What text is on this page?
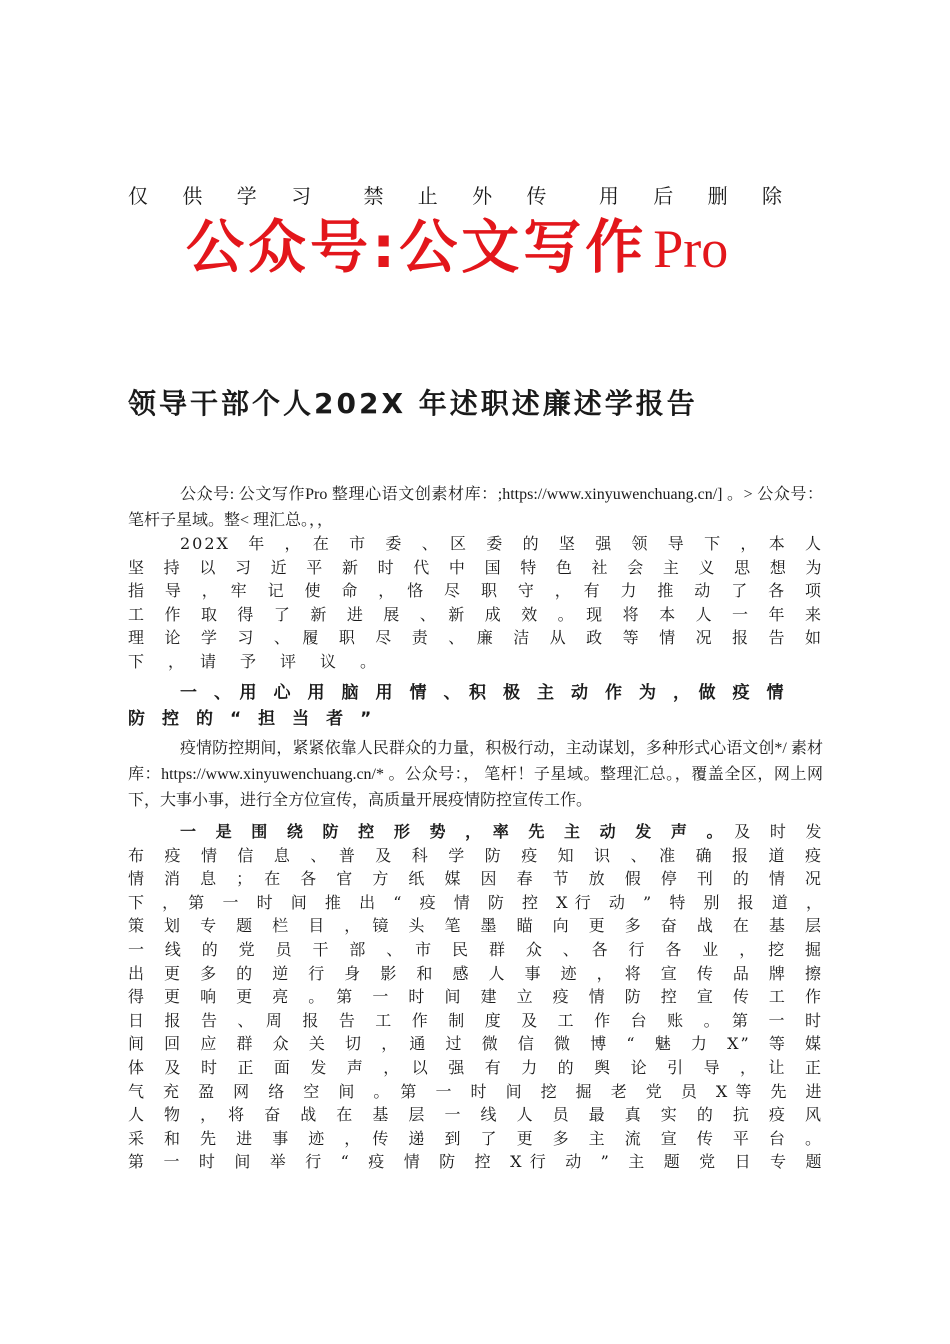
仅 供 学 习 禁 止 外 传 用 后 删 除
公众号:公文写作 Pro
领导干部个人202X 年述职述廉述学报告

公众号: 公文写作Pro 整理心语文创素材库：;https://www.xinyuwenchuang.cn/] 。> 公众号：笔杆子星域。整< 理汇总。，，

202X　年　，　在　市　委　、　区　委　的　坚　强　领　导　下　，　本　人
坚　持　以　习　近　平　新　时　代　中　国　特　色　社　会　主　义　思　想　为
指　导　，　牢　记　使　命　，　恪　尽　职　守　，　有　力　推　动　了　各　项
工　作　取　得　了　新　进　展　、　新　成　效　。　现　将　本　人　一　年　来
理　论　学　习　、　履　职　尽　责　、　廉　洁　从　政　等　情　况　报　告　如
下　，　请　予　评　议　。
一　、　用　心　用　脑　用　情　、　积　极　主　动　作　为　，　做　疫　情
防　控　的　“　担　当　者　”

疫情防控期间，紧紧依靠人民群众的力量，积极行动，主动谋划，多种形式心语文创*/ 素材库：https://www.xinyuwenchuang.cn/* 。公众号：， 笔杆！子星域。整理汇总。，覆盖全区，网上网下，大事小事，进行全方位宣传，高质量开展疫情防控宣传工作。

一　是　围　绕　防　控　形　势　，　率　先　主　动　发　声　。　及　时　发
布　疫　情　信　息　、　普　及　科　学　防　疫　知　识　、　准　确　报　道　疫
情　消　息　；　在　各　官　方　纸　媒　因　春　节　放　假　停　刊　的　情　况
下　，　第　一　时　间　推　出　“　疫　情　防　控　X 行　动　”　特　别　报　道　，
策　划　专　题　栏　目　，　镜　头　笔　墨　瞄　向　更　多　奋　战　在　基　层
一　线　的　党　员　干　部　、　市　民　群　众　、　各　行　各　业　，　挖　掘
出　更　多　的　逆　行　身　影　和　感　人　事　迹　，　将　宣　传　品　牌　擦
得　更　响　更　亮　。　第　一　时　间　建　立　疫　情　防　控　宣　传　工　作
日　报　告　、　周　报　告　工　作　制　度　及　工　作　台　账　。　第　一　时
间　回　应　群　众　关　切　，　通　过　微　信　微　博　“　魅　力　X”　等　媒
体　及　时　正　面　发　声　，　以　强　有　力　的　舆　论　引　导　，　让　正
气　充　盈　网　络　空　间　。　第　一　时　间　挖　掘　老　党　员　X 等　先　进
人　物　，　将　奋　战　在　基　层　一　线　人　员　最　真　实　的　抗　疫　风
采　和　先　进　事　迹　，　传　递　到　了　更　多　主　流　宣　传　平　台　。
第　一　时　间　举　行　“　疫　情　防　控　X 行　动　”　主　题　党　日　专　题
